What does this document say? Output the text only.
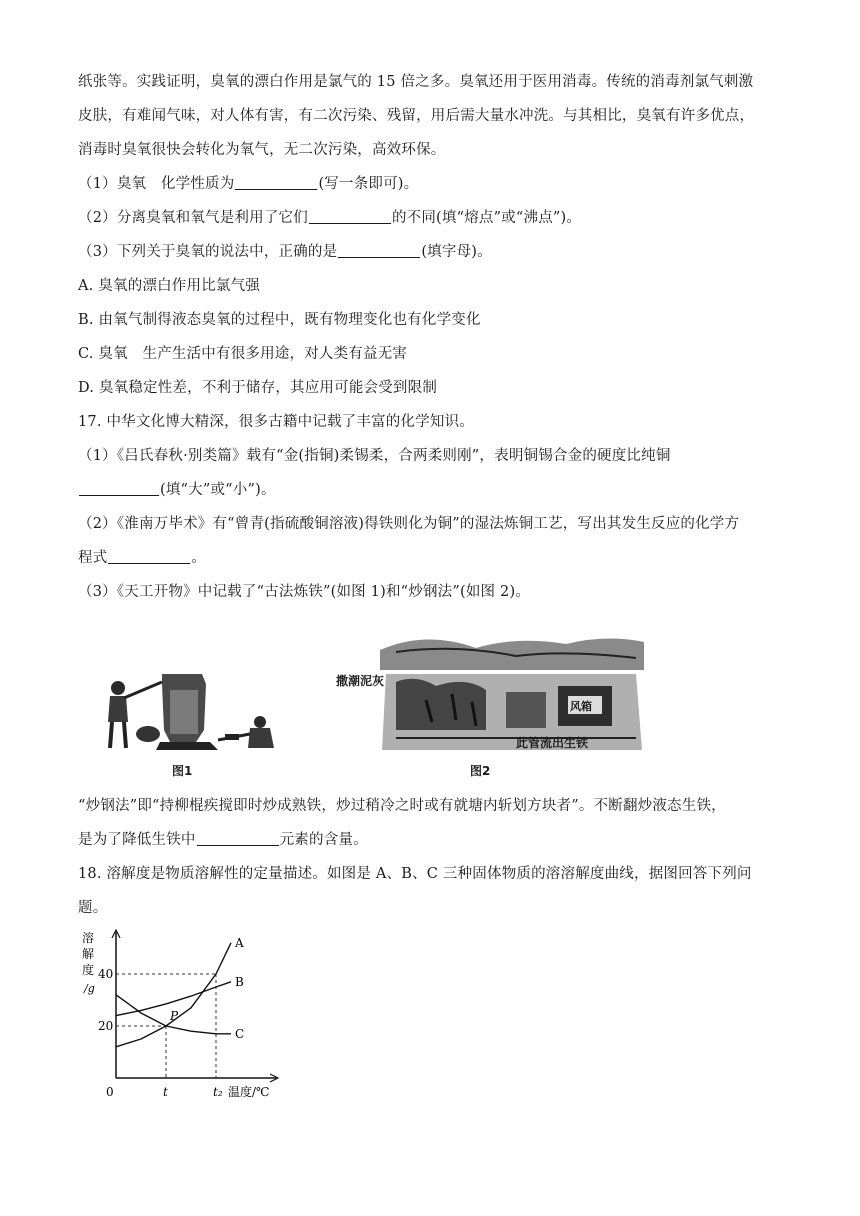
纸张等。实践证明，臭氧的漂白作用是氯气的 15 倍之多。臭氧还用于医用消毒。传统的消毒剂氯气刺激
皮肤，有难闻气味，对人体有害，有二次污染、残留，用后需大量水冲洗。与其相比，臭氧有许多优点，
消毒时臭氧很快会转化为氧气，无二次污染，高效环保。
（1）臭氧　化学性质为	(写一条即可)。
（2）分离臭氧和氧气是利用了它们	的不同(填“熔点”或“沸点”)。
（3）下列关于臭氧的说法中，正确的是	(填字母)。
A. 臭氧的漂白作用比氯气强
B. 由氧气制得液态臭氧的过程中，既有物理变化也有化学变化
C. 臭氧　生产生活中有很多用途，对人类有益无害
D. 臭氧稳定性差，不利于储存，其应用可能会受到限制
17. 中华文化博大精深，很多古籍中记载了丰富的化学知识。
（1）《吕氏春秋·别类篇》载有“金(指铜)柔锡柔，合两柔则刚”，表明铜锡合金的硬度比纯铜
(填“大”或“小”)。
（2）《淮南万毕术》有“曾青(指硫酸铜溶液)得铁则化为铜”的湿法炼铜工艺，写出其发生反应的化学方
程式	。
（3）《天工开物》中记载了“古法炼铁”(如图 1)和“炒钢法”(如图 2)。
图1
撒潮泥灰
风箱
此管流出生铁
图2
“炒钢法”即“持柳棍疾搅即时炒成熟铁，炒过稍冷之时或有就塘内斩划方块者”。不断翻炒液态生铁，
是为了降低生铁中	元素的含量。
18. 溶解度是物质溶解性的定量描述。如图是 A、B、C 三种固体物质的溶溶解度曲线，据图回答下列问
题。
溶
解
度
/g
A
B
C
20
40
0	t	t₂ 温度/℃
P
